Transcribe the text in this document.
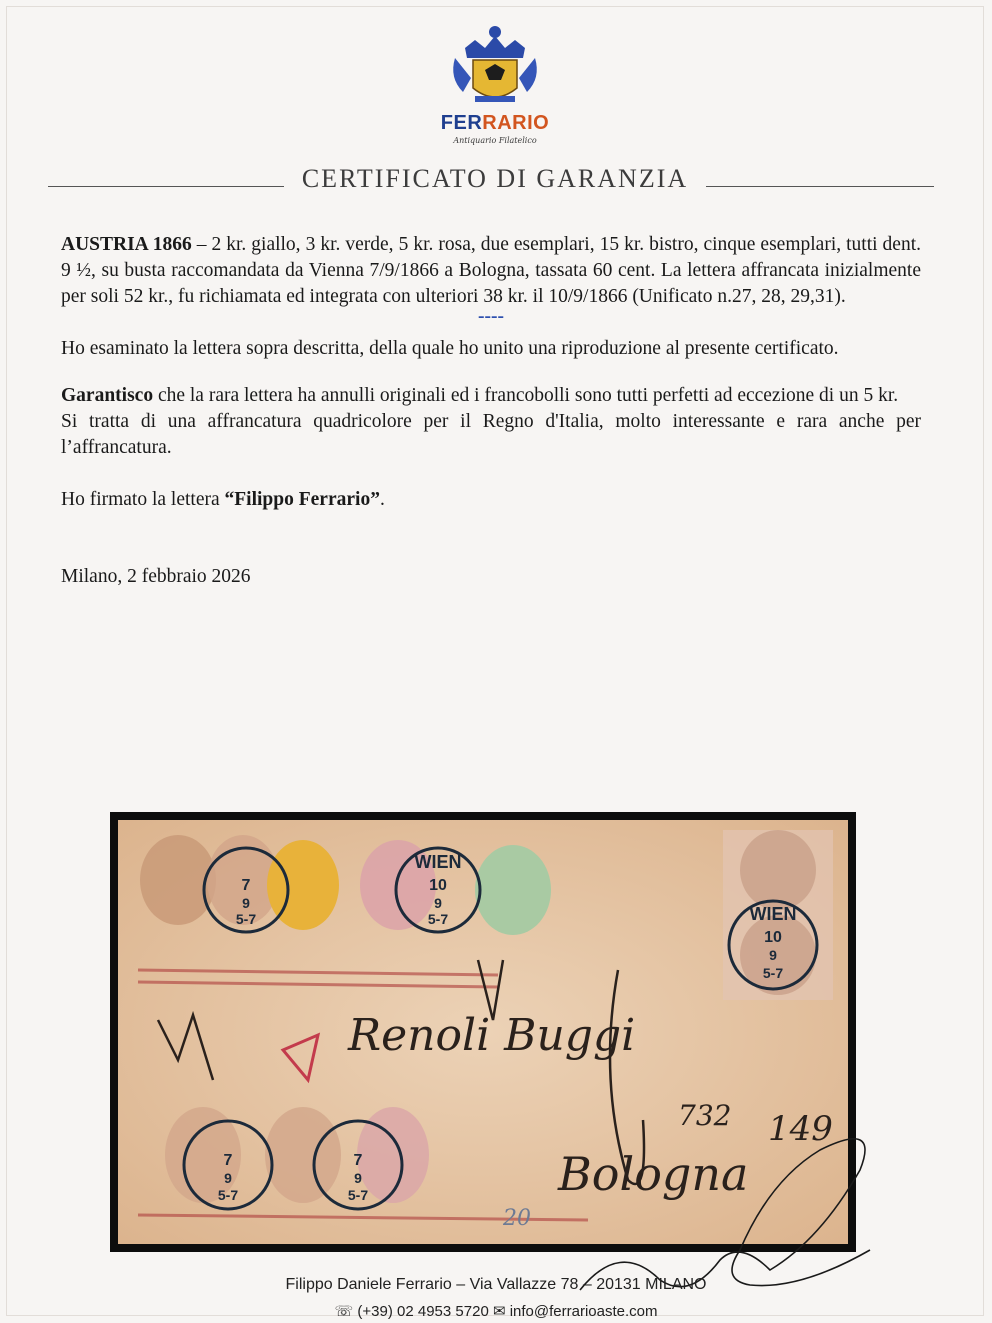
FERRARIO
Antiquario Filatelico
CERTIFICATO DI GARANZIA

AUSTRIA 1866 – 2 kr. giallo, 3 kr. verde, 5 kr. rosa, due esemplari, 15 kr. bistro, cinque esemplari, tutti dent. 9 ½, su busta raccomandata da Vienna 7/9/1866 a Bologna, tassata 60 cent. La lettera affrancata inizialmente per soli 52 kr., fu richiamata ed integrata con ulteriori 38 kr. il 10/9/1866 (Unificato n.27, 28, 29,31).

----

Ho esaminato la lettera sopra descritta, della quale ho unito una riproduzione al presente certificato.

Garantisco che la rara lettera ha annulli originali ed i francobolli sono tutti perfetti ad eccezione di un 5 kr.

Si tratta di una affrancatura quadricolore per il Regno d'Italia, molto interessante e rara anche per l’affrancatura.

Ho firmato la lettera “Filippo Ferrario”.

Milano, 2 febbraio 2026

WIEN
10
9
5-7	WIEN
10
9
5-7
7
9
5-7
7
9
5-7
7
9
5-7
Renoli Buggi
Bologna
732 149
20
Filippo Daniele Ferrario – Via Vallazze 78 – 20131 MILANO
☏ (+39) 02 4953 5720 ✉ info@ferrarioaste.com
